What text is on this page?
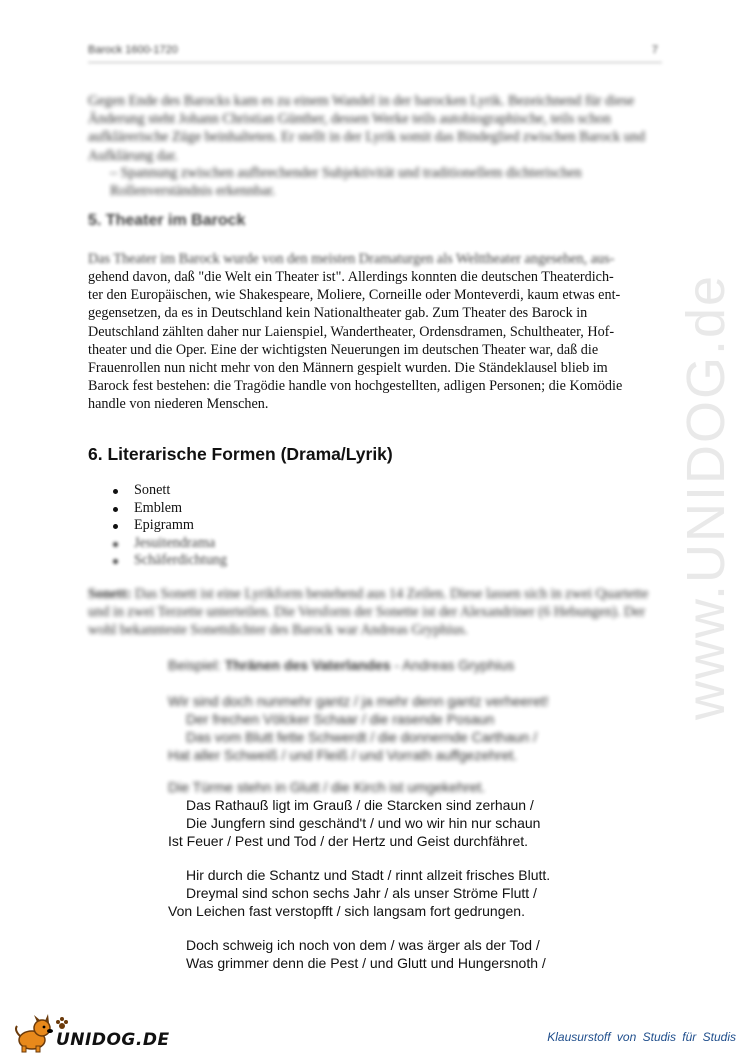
Barock 1600-1720	7
Gegen Ende des Barocks kam es zu einem Wandel in der barocken Lyrik. Bezeichnend für diese Änderung steht Johann Christian Günther, dessen Werke teils autobiographische, teils schon aufklärerische Züge beinhalteten. Er stellt in der Lyrik somit das Bindeglied zwischen Barock und Aufklärung dar.
– Spannung zwischen aufbrechender Subjektivität und traditionellem dichterischen Rollenverständnis erkennbar.
5. Theater im Barock
Das Theater im Barock wurde von den meisten Dramaturgen als Welttheater angesehen, aus-
gehend davon, daß "die Welt ein Theater ist". Allerdings konnten die deutschen Theaterdich-
ter den Europäischen, wie Shakespeare, Moliere, Corneille oder Monteverdi, kaum etwas ent-
gegensetzen, da es in Deutschland kein Nationaltheater gab. Zum Theater des Barock in
Deutschland zählten daher nur Laienspiel, Wandertheater, Ordensdramen, Schultheater, Hof-
theater und die Oper. Eine der wichtigsten Neuerungen im deutschen Theater war, daß die
Frauenrollen nun nicht mehr von den Männern gespielt wurden. Die Ständeklausel blieb im
Barock fest bestehen: die Tragödie handle von hochgestellten, adligen Personen; die Komödie
handle von niederen Menschen.
6. Literarische Formen (Drama/Lyrik)
Sonett
Emblem
Epigramm
Jesuitendrama
Schäferdichtung
Sonett: Das Sonett ist eine Lyrikform bestehend aus 14 Zeilen. Diese lassen sich in zwei Quartette und in zwei Terzette unterteilen. Die Versform der Sonette ist der Alexandriner (6 Hebungen). Der wohl bekannteste Sonettdichter des Barock war Andreas Gryphius.
Beispiel: Thränen des Vaterlandes - Andreas Gryphius
Wir sind doch nunmehr gantz / ja mehr denn gantz verheeret!
Der frechen Völcker Schaar / die rasende Posaun
Das vom Blutt fette Schwerdt / die donnernde Carthaun /
Hat aller Schweiß / und Fleiß / und Vorrath auffgezehret.
Die Türme stehn in Glutt / die Kirch ist umgekehret.
Das Rathauß ligt im Grauß / die Starcken sind zerhaun /
Die Jungfern sind geschänd't / und wo wir hin nur schaun
Ist Feuer / Pest und Tod / der Hertz und Geist durchfähret.
Hir durch die Schantz und Stadt / rinnt allzeit frisches Blutt.
Dreymal sind schon sechs Jahr / als unser Ströme Flutt /
Von Leichen fast verstopfft / sich langsam fort gedrungen.
Doch schweig ich noch von dem / was ärger als der Tod /
Was grimmer denn die Pest / und Glutt und Hungersnoth /
www.UNIDOG.de
UNIDOG.DE	Klausurstoff von Studis für Studis
